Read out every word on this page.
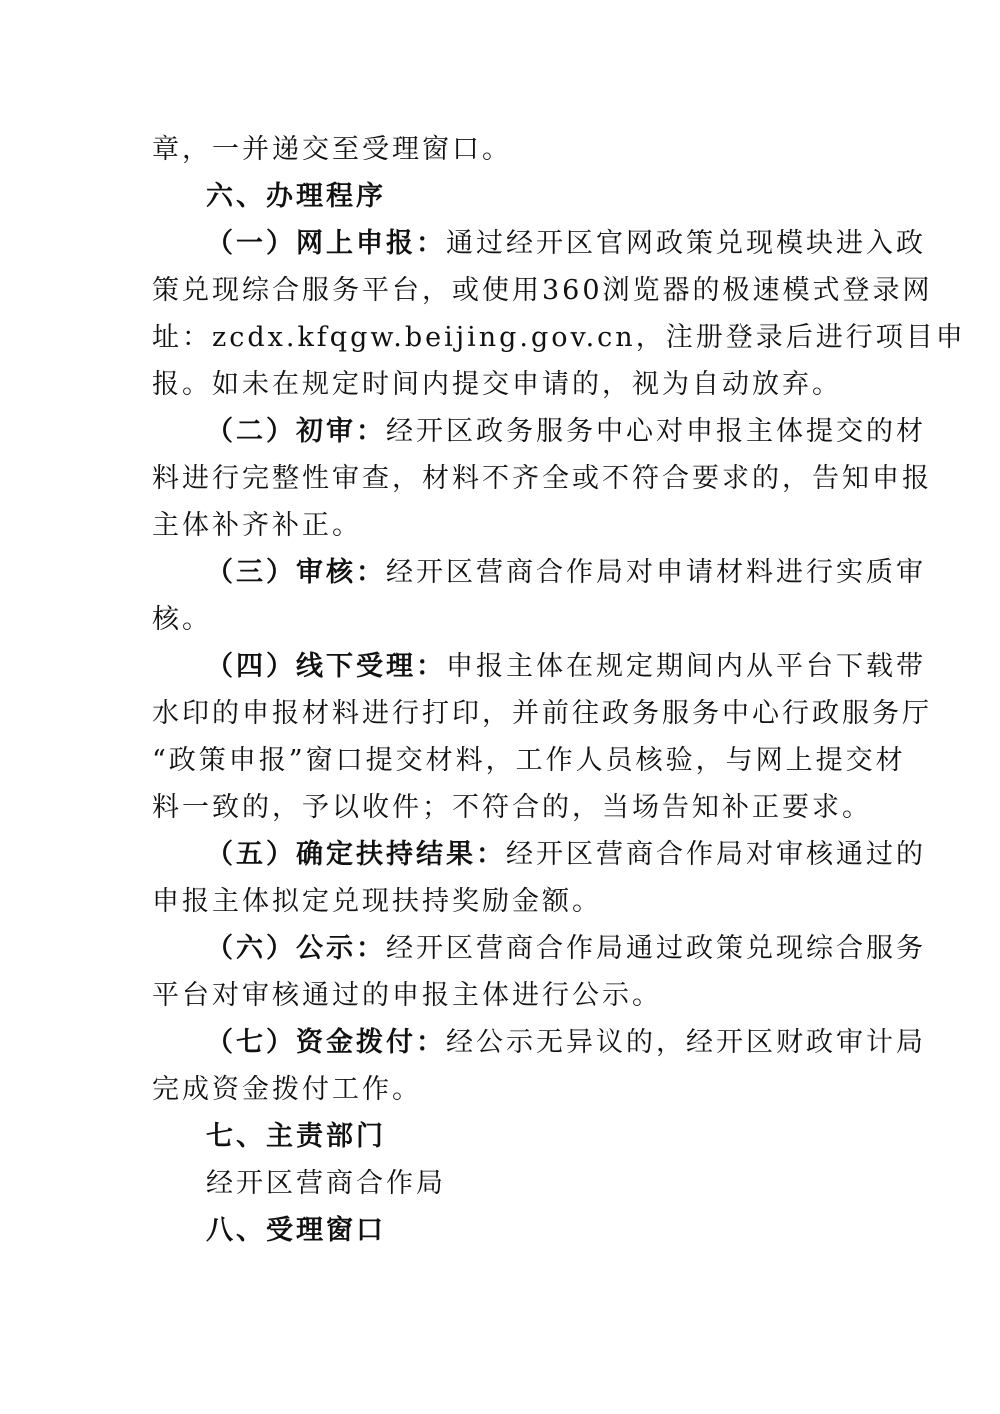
章，一并递交至受理窗口。
六、办理程序
（一）网上申报：通过经开区官网政策兑现模块进入政
策兑现综合服务平台，或使用360浏览器的极速模式登录网
址：zcdx.kfqgw.beijing.gov.cn，注册登录后进行项目申
报。如未在规定时间内提交申请的，视为自动放弃。
（二）初审：经开区政务服务中心对申报主体提交的材
料进行完整性审查，材料不齐全或不符合要求的，告知申报
主体补齐补正。
（三）审核：经开区营商合作局对申请材料进行实质审
核。
（四）线下受理：申报主体在规定期间内从平台下载带
水印的申报材料进行打印，并前往政务服务中心行政服务厅
“政策申报”窗口提交材料，工作人员核验，与网上提交材
料一致的，予以收件；不符合的，当场告知补正要求。
（五）确定扶持结果：经开区营商合作局对审核通过的
申报主体拟定兑现扶持奖励金额。
（六）公示：经开区营商合作局通过政策兑现综合服务
平台对审核通过的申报主体进行公示。
（七）资金拨付：经公示无异议的，经开区财政审计局
完成资金拨付工作。
七、主责部门
经开区营商合作局
八、受理窗口
